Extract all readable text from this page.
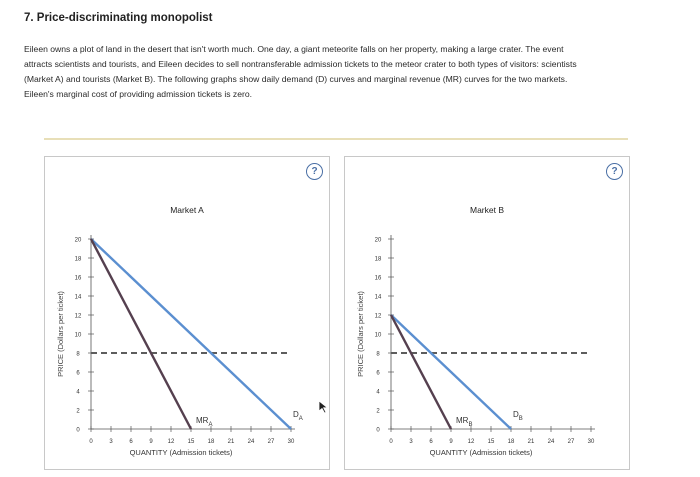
7. Price-discriminating monopolist
Eileen owns a plot of land in the desert that isn't worth much. One day, a giant meteorite falls on her property, making a large crater. The event
attracts scientists and tourists, and Eileen decides to sell nontransferable admission tickets to the meteor crater to both types of visitors: scientists
(Market A) and tourists (Market B). The following graphs show daily demand (D) curves and marginal revenue (MR) curves for the two markets.
Eileen's marginal cost of providing admission tickets is zero.
Market A
PRICE (Dollars per ticket)
0
2
4
6
8
10
12
14
16
18
20
0	3	6	9 12 15 18 21 24 27 30
QUANTITY (Admission tickets)
$D_A$
$MR_A$
?
Market B
PRICE (Dollars per ticket)
0
2
4
6
8
10
12
14
16
18
20
0	3	6	9 12 15 18 21 24 27 30
QUANTITY (Admission tickets)
$D_B$
$MR_B$
?
